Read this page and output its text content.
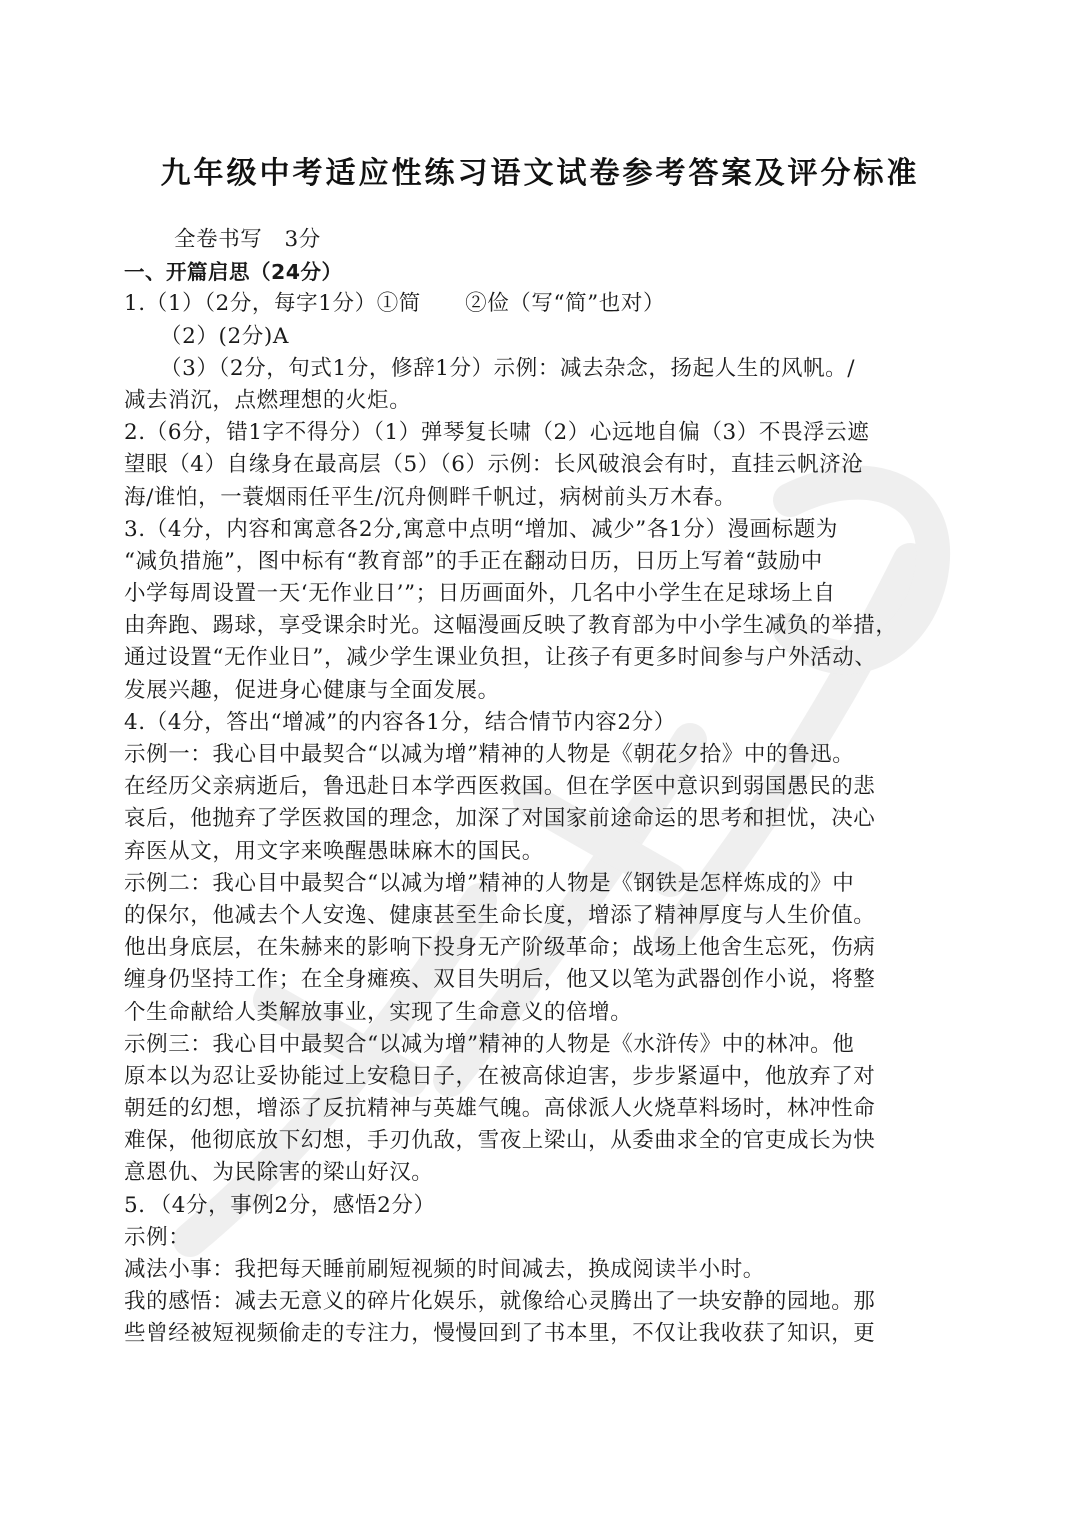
九年级中考适应性练习语文试卷参考答案及评分标准
全卷书写　3分
一、开篇启思（24分）
1.（1）（2分，每字1分）①简　　②俭（写“简”也对）
（2）(2分)A
（3）（2分，句式1分，修辞1分）示例：减去杂念，扬起人生的风帆。/
减去消沉，点燃理想的火炬。
2.（6分，错1字不得分）（1）弹琴复长啸（2）心远地自偏（3）不畏浮云遮
望眼（4）自缘身在最高层（5）（6）示例：长风破浪会有时，直挂云帆济沧
海/谁怕，一蓑烟雨任平生/沉舟侧畔千帆过，病树前头万木春。
3.（4分，内容和寓意各2分,寓意中点明“增加、减少”各1分）漫画标题为
“减负措施”，图中标有“教育部”的手正在翻动日历，日历上写着“鼓励中
小学每周设置一天‘无作业日’”；日历画面外，几名中小学生在足球场上自
由奔跑、踢球，享受课余时光。这幅漫画反映了教育部为中小学生减负的举措，
通过设置“无作业日”，减少学生课业负担，让孩子有更多时间参与户外活动、
发展兴趣，促进身心健康与全面发展。
4.（4分，答出“增减”的内容各1分，结合情节内容2分）
示例一：我心目中最契合“以减为增”精神的人物是《朝花夕拾》中的鲁迅。
在经历父亲病逝后，鲁迅赴日本学西医救国。但在学医中意识到弱国愚民的悲
哀后，他抛弃了学医救国的理念，加深了对国家前途命运的思考和担忧，决心
弃医从文，用文字来唤醒愚昧麻木的国民。
示例二：我心目中最契合“以减为增”精神的人物是《钢铁是怎样炼成的》中
的保尔，他减去个人安逸、健康甚至生命长度，增添了精神厚度与人生价值。
他出身底层，在朱赫来的影响下投身无产阶级革命；战场上他舍生忘死，伤病
缠身仍坚持工作；在全身瘫痪、双目失明后，他又以笔为武器创作小说，将整
个生命献给人类解放事业，实现了生命意义的倍增。
示例三：我心目中最契合“以减为增”精神的人物是《水浒传》中的林冲。他
原本以为忍让妥协能过上安稳日子，在被高俅迫害，步步紧逼中，他放弃了对
朝廷的幻想，增添了反抗精神与英雄气魄。高俅派人火烧草料场时，林冲性命
难保，他彻底放下幻想，手刃仇敌，雪夜上梁山，从委曲求全的官吏成长为快
意恩仇、为民除害的梁山好汉。
5．（4分，事例2分，感悟2分）
示例：
减法小事：我把每天睡前刷短视频的时间减去，换成阅读半小时。
我的感悟：减去无意义的碎片化娱乐，就像给心灵腾出了一块安静的园地。那
些曾经被短视频偷走的专注力，慢慢回到了书本里，不仅让我收获了知识，更
